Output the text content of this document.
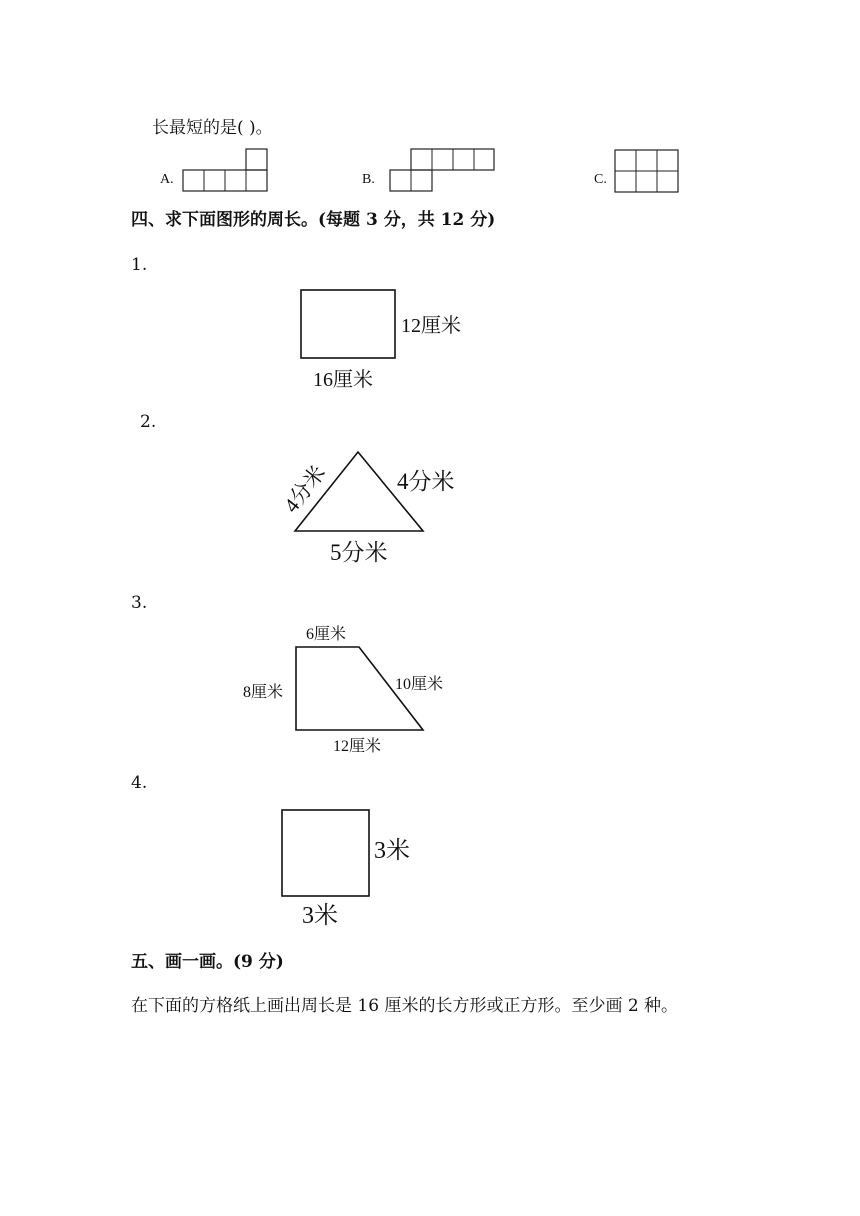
长最短的是( )。
四、求下面图形的周长。(每题 3 分，共 12 分)
1.
2.
3.
4.
五、画一画。(9 分)
在下面的方格纸上画出周长是 16 厘米的长方形或正方形。至少画 2 种。
A.	B.	C.
12厘米
16厘米
4分米	4分米
5分米
6厘米
8厘米	10厘米
12厘米
3米
3米
